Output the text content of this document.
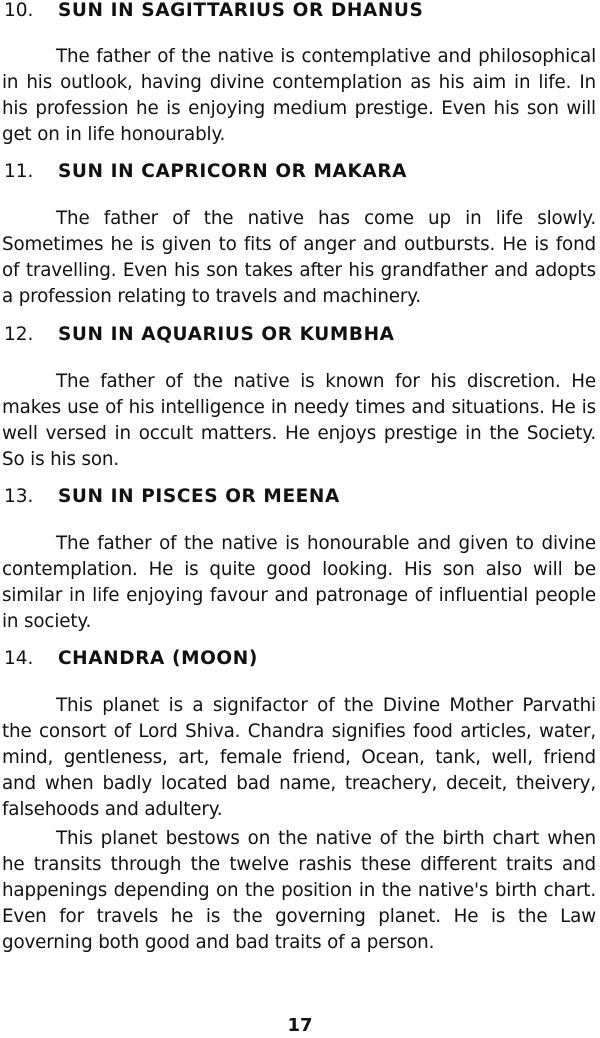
10. SUN IN SAGITTARIUS OR DHANUS

The father of the native is contemplative and philosophical in his outlook, having divine contemplation as his aim in life. In his profession he is enjoying medium prestige. Even his son will get on in life honourably.

11. SUN IN CAPRICORN OR MAKARA

The father of the native has come up in life slowly. Sometimes he is given to fits of anger and outbursts. He is fond of travelling. Even his son takes after his grandfather and adopts a profession relating to travels and machinery.

12. SUN IN AQUARIUS OR KUMBHA

The father of the native is known for his discretion. He makes use of his intelligence in needy times and situations. He is well versed in occult matters. He enjoys prestige in the Society. So is his son.

13. SUN IN PISCES OR MEENA

The father of the native is honourable and given to divine contemplation. He is quite good looking. His son also will be similar in life enjoying favour and patronage of influential people in society.

14. CHANDRA (MOON)

This planet is a signifactor of the Divine Mother Parvathi the consort of Lord Shiva. Chandra signifies food articles, water, mind, gentleness, art, female friend, Ocean, tank, well, friend and when badly located bad name, treachery, deceit, theivery, falsehoods and adultery.

This planet bestows on the native of the birth chart when he transits through the twelve rashis these different traits and happenings depending on the position in the native's birth chart. Even for travels he is the governing planet. He is the Law governing both good and bad traits of a person.

17
